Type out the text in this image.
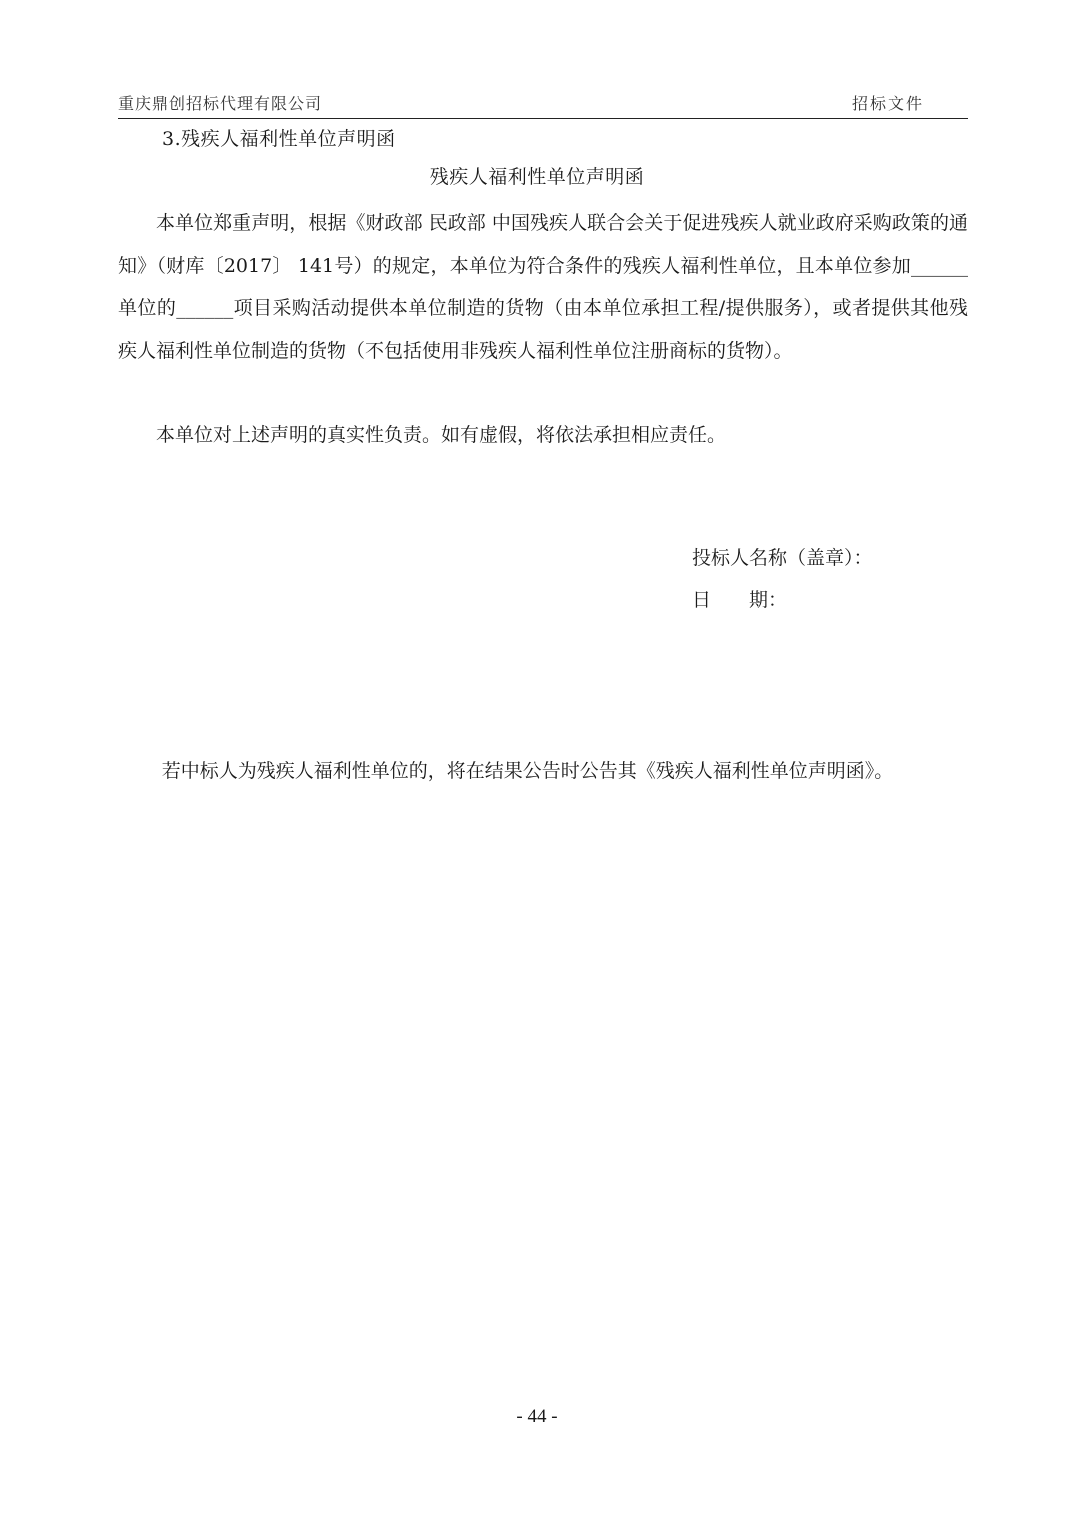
重庆鼎创招标代理有限公司	招标文件
3.残疾人福利性单位声明函
残疾人福利性单位声明函

本单位郑重声明，根据《财政部 民政部 中国残疾人联合会关于促进残疾人就业政府采购政策的通知》（财库〔2017〕 141号）的规定，本单位为符合条件的残疾人福利性单位，且本单位参加______单位的______项目采购活动提供本单位制造的货物（由本单位承担工程/提供服务），或者提供其他残疾人福利性单位制造的货物（不包括使用非残疾人福利性单位注册商标的货物）。

本单位对上述声明的真实性负责。如有虚假，将依法承担相应责任。

投标人名称（盖章）：
日　　期：

若中标人为残疾人福利性单位的，将在结果公告时公告其《残疾人福利性单位声明函》。

- 44 -
